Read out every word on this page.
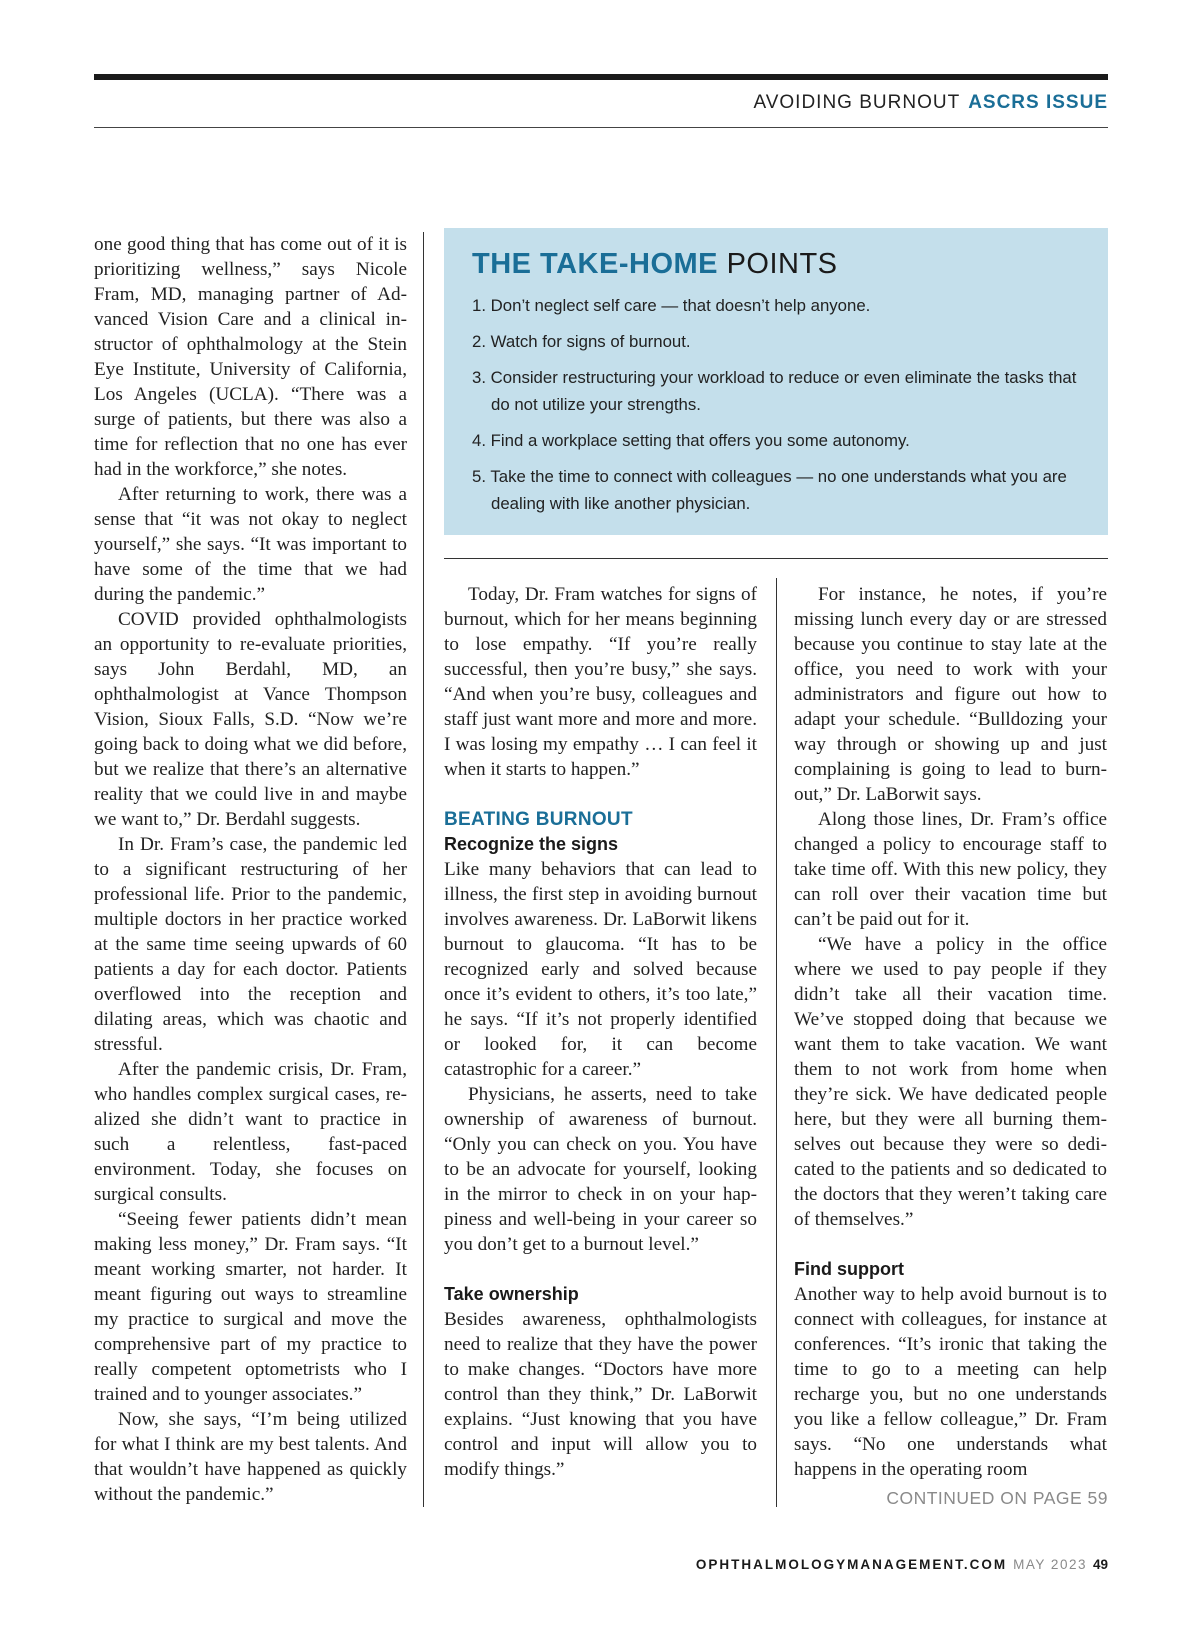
AVOIDING BURNOUT ASCRS ISSUE

one good thing that has come out of it is prioritizing wellness,” says Nicole Fram, MD, managing partner of Advanced Vision Care and a clinical instructor of ophthalmology at the Stein Eye Institute, University of California, Los Angeles (UCLA). “There was a surge of patients, but there was also a time for reflection that no one has ever had in the workforce,” she notes.

After returning to work, there was a sense that “it was not okay to neglect yourself,” she says. “It was important to have some of the time that we had during the pandemic.”

COVID provided ophthalmologists an opportunity to re-evaluate priorities, says John Berdahl, MD, an ophthalmologist at Vance Thompson Vision, Sioux Falls, S.D. “Now we’re going back to doing what we did before, but we realize that there’s an alternative reality that we could live in and maybe we want to,” Dr. Berdahl suggests.

In Dr. Fram’s case, the pandemic led to a significant restructuring of her professional life. Prior to the pandemic, multiple doctors in her practice worked at the same time seeing upwards of 60 patients a day for each doctor. Patients overflowed into the reception and dilating areas, which was chaotic and stressful.

After the pandemic crisis, Dr. Fram, who handles complex surgical cases, realized she didn’t want to practice in such a relentless, fast-paced environment. Today, she focuses on surgical consults.

“Seeing fewer patients didn’t mean making less money,” Dr. Fram says. “It meant working smarter, not harder. It meant figuring out ways to streamline my practice to surgical and move the comprehensive part of my practice to really competent optometrists who I trained and to younger associates.”

Now, she says, “I’m being utilized for what I think are my best talents. And that wouldn’t have happened as quickly without the pandemic.”

THE TAKE-HOME POINTS
1. Don’t neglect self care — that doesn’t help anyone.
2. Watch for signs of burnout.
3. Consider restructuring your workload to reduce or even eliminate the tasks that do not utilize your strengths.
4. Find a workplace setting that offers you some autonomy.
5. Take the time to connect with colleagues — no one understands what you are dealing with like another physician.

Today, Dr. Fram watches for signs of burnout, which for her means beginning to lose empathy. “If you’re really successful, then you’re busy,” she says. “And when you’re busy, colleagues and staff just want more and more and more. I was losing my empathy … I can feel it when it starts to happen.”

BEATING BURNOUT
Recognize the signs

Like many behaviors that can lead to illness, the first step in avoiding burnout involves awareness. Dr. LaBorwit likens burnout to glaucoma. “It has to be recognized early and solved because once it’s evident to others, it’s too late,” he says. “If it’s not properly identified or looked for, it can become catastrophic for a career.”

Physicians, he asserts, need to take ownership of awareness of burnout. “Only you can check on you. You have to be an advocate for yourself, looking in the mirror to check in on your happiness and well-being in your career so you don’t get to a burnout level.”

Take ownership

Besides awareness, ophthalmologists need to realize that they have the power to make changes. “Doctors have more control than they think,” Dr. LaBorwit explains. “Just knowing that you have control and input will allow you to modify things.”

For instance, he notes, if you’re missing lunch every day or are stressed because you continue to stay late at the office, you need to work with your administrators and figure out how to adapt your schedule. “Bulldozing your way through or showing up and just complaining is going to lead to burnout,” Dr. LaBorwit says.

Along those lines, Dr. Fram’s office changed a policy to encourage staff to take time off. With this new policy, they can roll over their vacation time but can’t be paid out for it.

“We have a policy in the office where we used to pay people if they didn’t take all their vacation time. We’ve stopped doing that because we want them to take vacation. We want them to not work from home when they’re sick. We have dedicated people here, but they were all burning themselves out because they were so dedicated to the patients and so dedicated to the doctors that they weren’t taking care of themselves.”

Find support

Another way to help avoid burnout is to connect with colleagues, for instance at conferences. “It’s ironic that taking the time to go to a meeting can help recharge you, but no one understands you like a fellow colleague,” Dr. Fram says. “No one understands what happens in the operating room

CONTINUED ON PAGE 59
OPHTHALMOLOGYMANAGEMENT.COM MAY 2023 49
